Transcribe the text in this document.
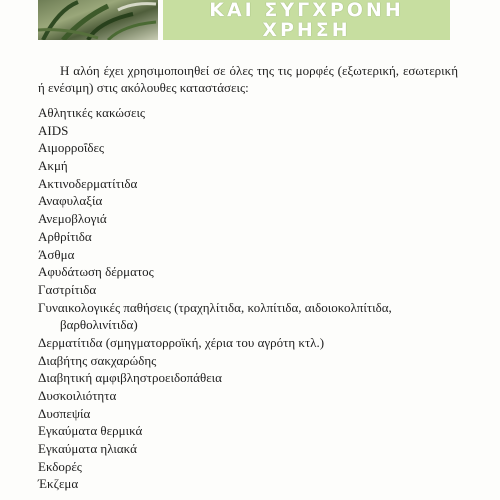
ΚΑΙ ΣΥΓΧΡΟΝΗ ΧΡΗΣΗ

Η αλόη έχει χρησιμοποιηθεί σε όλες της τις μορφές (εξωτερική, εσωτερική ή ενέσιμη) στις ακόλουθες καταστάσεις:

Αθλητικές κακώσεις
AIDS
Αιμορροΐδες
Ακμή
Ακτινοδερματίτιδα
Αναφυλαξία
Ανεμοβλογιά
Αρθρίτιδα
Άσθμα
Αφυδάτωση δέρματος
Γαστρίτιδα
Γυναικολογικές παθήσεις (τραχηλίτιδα, κολπίτιδα, αιδοιοκολπίτιδα,
βαρθολινίτιδα)
Δερματίτιδα (σμηγματορροϊκή, χέρια του αγρότη κτλ.)
Διαβήτης σακχαρώδης
Διαβητική αμφιβληστροειδοπάθεια
Δυσκοιλιότητα
Δυσπεψία
Εγκαύματα θερμικά
Εγκαύματα ηλιακά
Εκδορές
Έκζεμα
